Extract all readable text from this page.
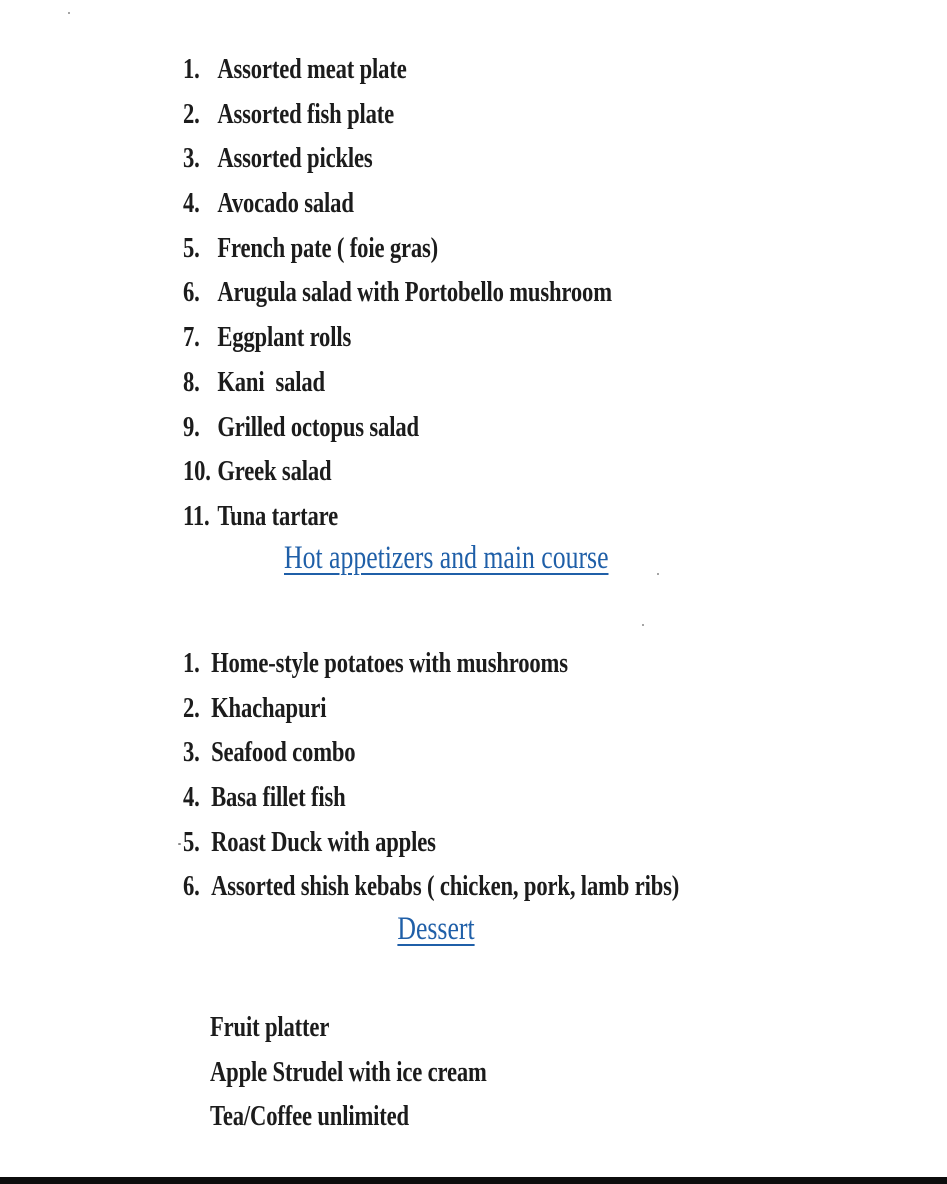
1. Assorted meat plate
2. Assorted fish plate
3. Assorted pickles
4. Avocado salad
5. French pate ( foie gras)
6. Arugula salad with Portobello mushroom
7. Eggplant rolls
8. Kani  salad
9. Grilled octopus salad
10. Greek salad
11. Tuna tartare
Hot appetizers and main course
1. Home-style potatoes with mushrooms
2. Khachapuri
3. Seafood combo
4. Basa fillet fish
5. Roast Duck with apples
6. Assorted shish kebabs ( chicken, pork, lamb ribs)
Dessert
Fruit platter
Apple Strudel with ice cream
Tea/Coffee unlimited
